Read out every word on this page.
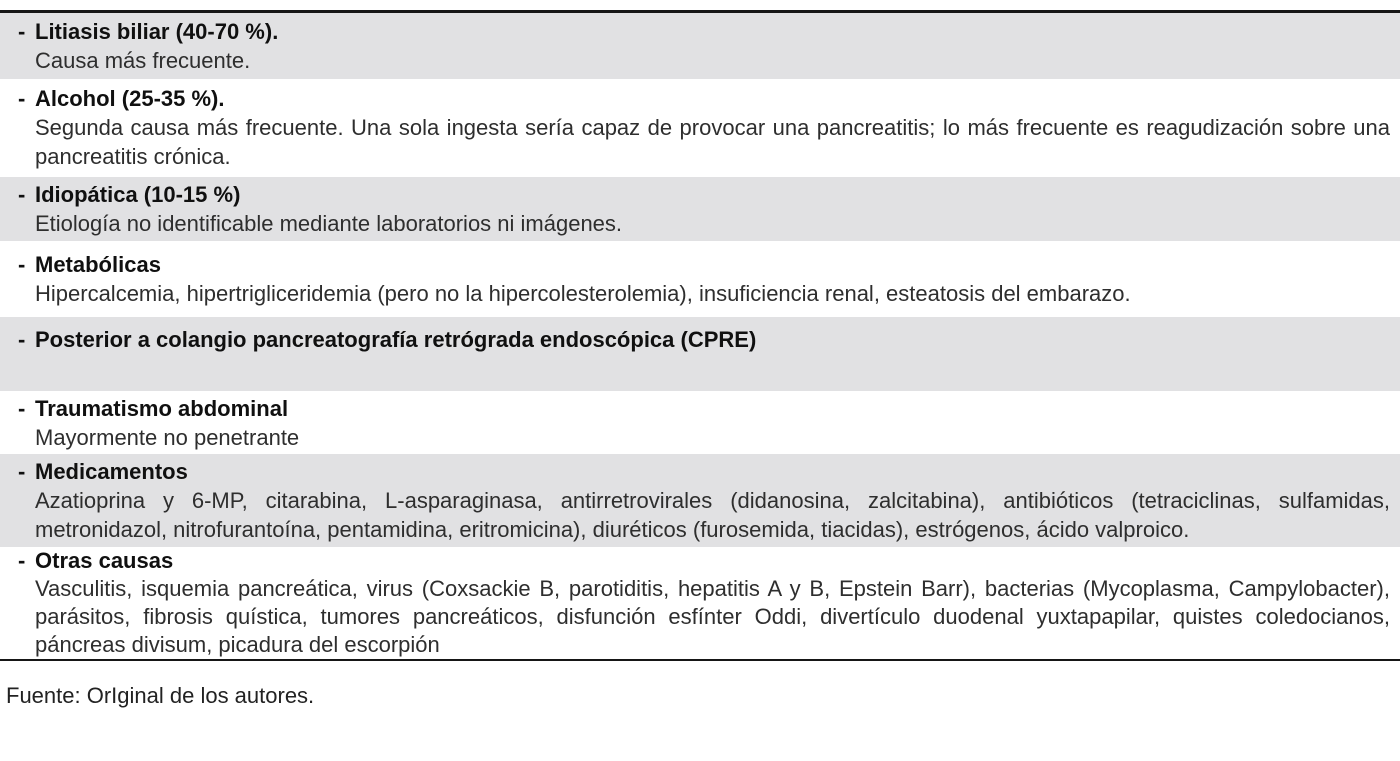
- Litiasis biliar (40-70 %).
Causa más frecuente.
- Alcohol (25-35 %).
Segunda causa más frecuente. Una sola ingesta sería capaz de provocar una pancreatitis; lo más frecuente es reagudización sobre una pancreatitis crónica.
- Idiopática (10-15 %)
Etiología no identificable mediante laboratorios ni imágenes.
- Metabólicas
Hipercalcemia, hipertrigliceridemia (pero no la hipercolesterolemia), insuficiencia renal, esteatosis del embarazo.
- Posterior a colangio pancreatografía retrógrada endoscópica (CPRE)
- Traumatismo abdominal
Mayormente no penetrante
- Medicamentos
Azatioprina y 6-MP, citarabina, L-asparaginasa, antirretrovirales (didanosina, zalcitabina), antibióticos (tetraciclinas, sulfamidas, metronidazol, nitrofurantoína, pentamidina, eritromicina), diuréticos (furosemida, tiacidas), estrógenos, ácido valproico.
- Otras causas
Vasculitis, isquemia pancreática, virus (Coxsackie B, parotiditis, hepatitis A y B, Epstein Barr), bacterias (Mycoplasma, Campylobacter), parásitos, fibrosis quística, tumores pancreáticos, disfunción esfínter Oddi, divertículo duodenal yuxtapapilar, quistes coledocianos, páncreas divisum, picadura del escorpión
Fuente: OrIginal de los autores.
